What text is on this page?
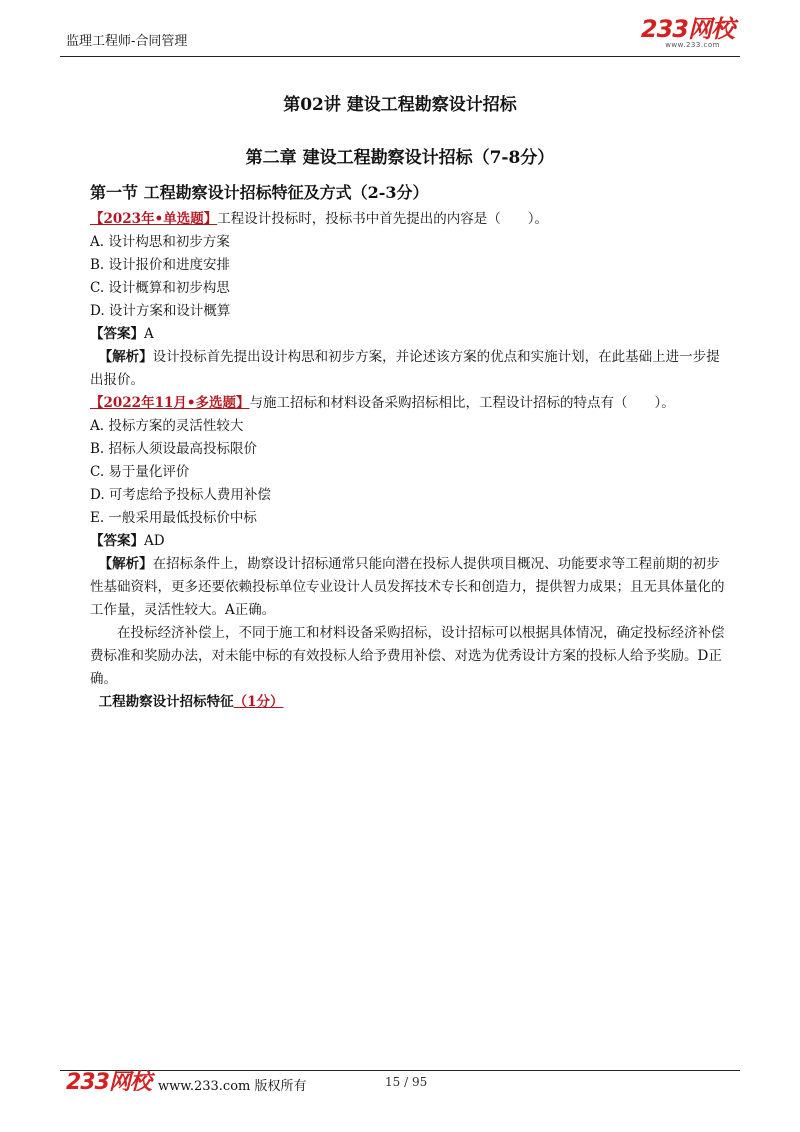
监理工程师-合同管理	233网校
www.233.com
第02讲 建设工程勘察设计招标
第二章 建设工程勘察设计招标（7-8分）
第一节 工程勘察设计招标特征及方式（2-3分）

【2023年•单选题】工程设计投标时，投标书中首先提出的内容是（　　）。

A. 设计构思和初步方案

B. 设计报价和进度安排

C. 设计概算和初步构思

D. 设计方案和设计概算

【答案】A

 【解析】设计投标首先提出设计构思和初步方案，并论述该方案的优点和实施计划，在此基础上进一步提出报价。

【2022年11月•多选题】与施工招标和材料设备采购招标相比，工程设计招标的特点有（　　）。

A. 投标方案的灵活性较大

B. 招标人须设最高投标限价

C. 易于量化评价

D. 可考虑给予投标人费用补偿

E. 一般采用最低投标价中标

【答案】AD

 【解析】在招标条件上，勘察设计招标通常只能向潜在投标人提供项目概况、功能要求等工程前期的初步性基础资料，更多还要依赖投标单位专业设计人员发挥技术专长和创造力，提供智力成果；且无具体量化的工作量，灵活性较大。A正确。

在投标经济补偿上，不同于施工和材料设备采购招标，设计招标可以根据具体情况，确定投标经济补偿费标准和奖励办法，对未能中标的有效投标人给予费用补偿、对选为优秀设计方案的投标人给予奖励。D正确。

 工程勘察设计招标特征（1分）

233网校 www.233.com 版权所有	15 / 95
